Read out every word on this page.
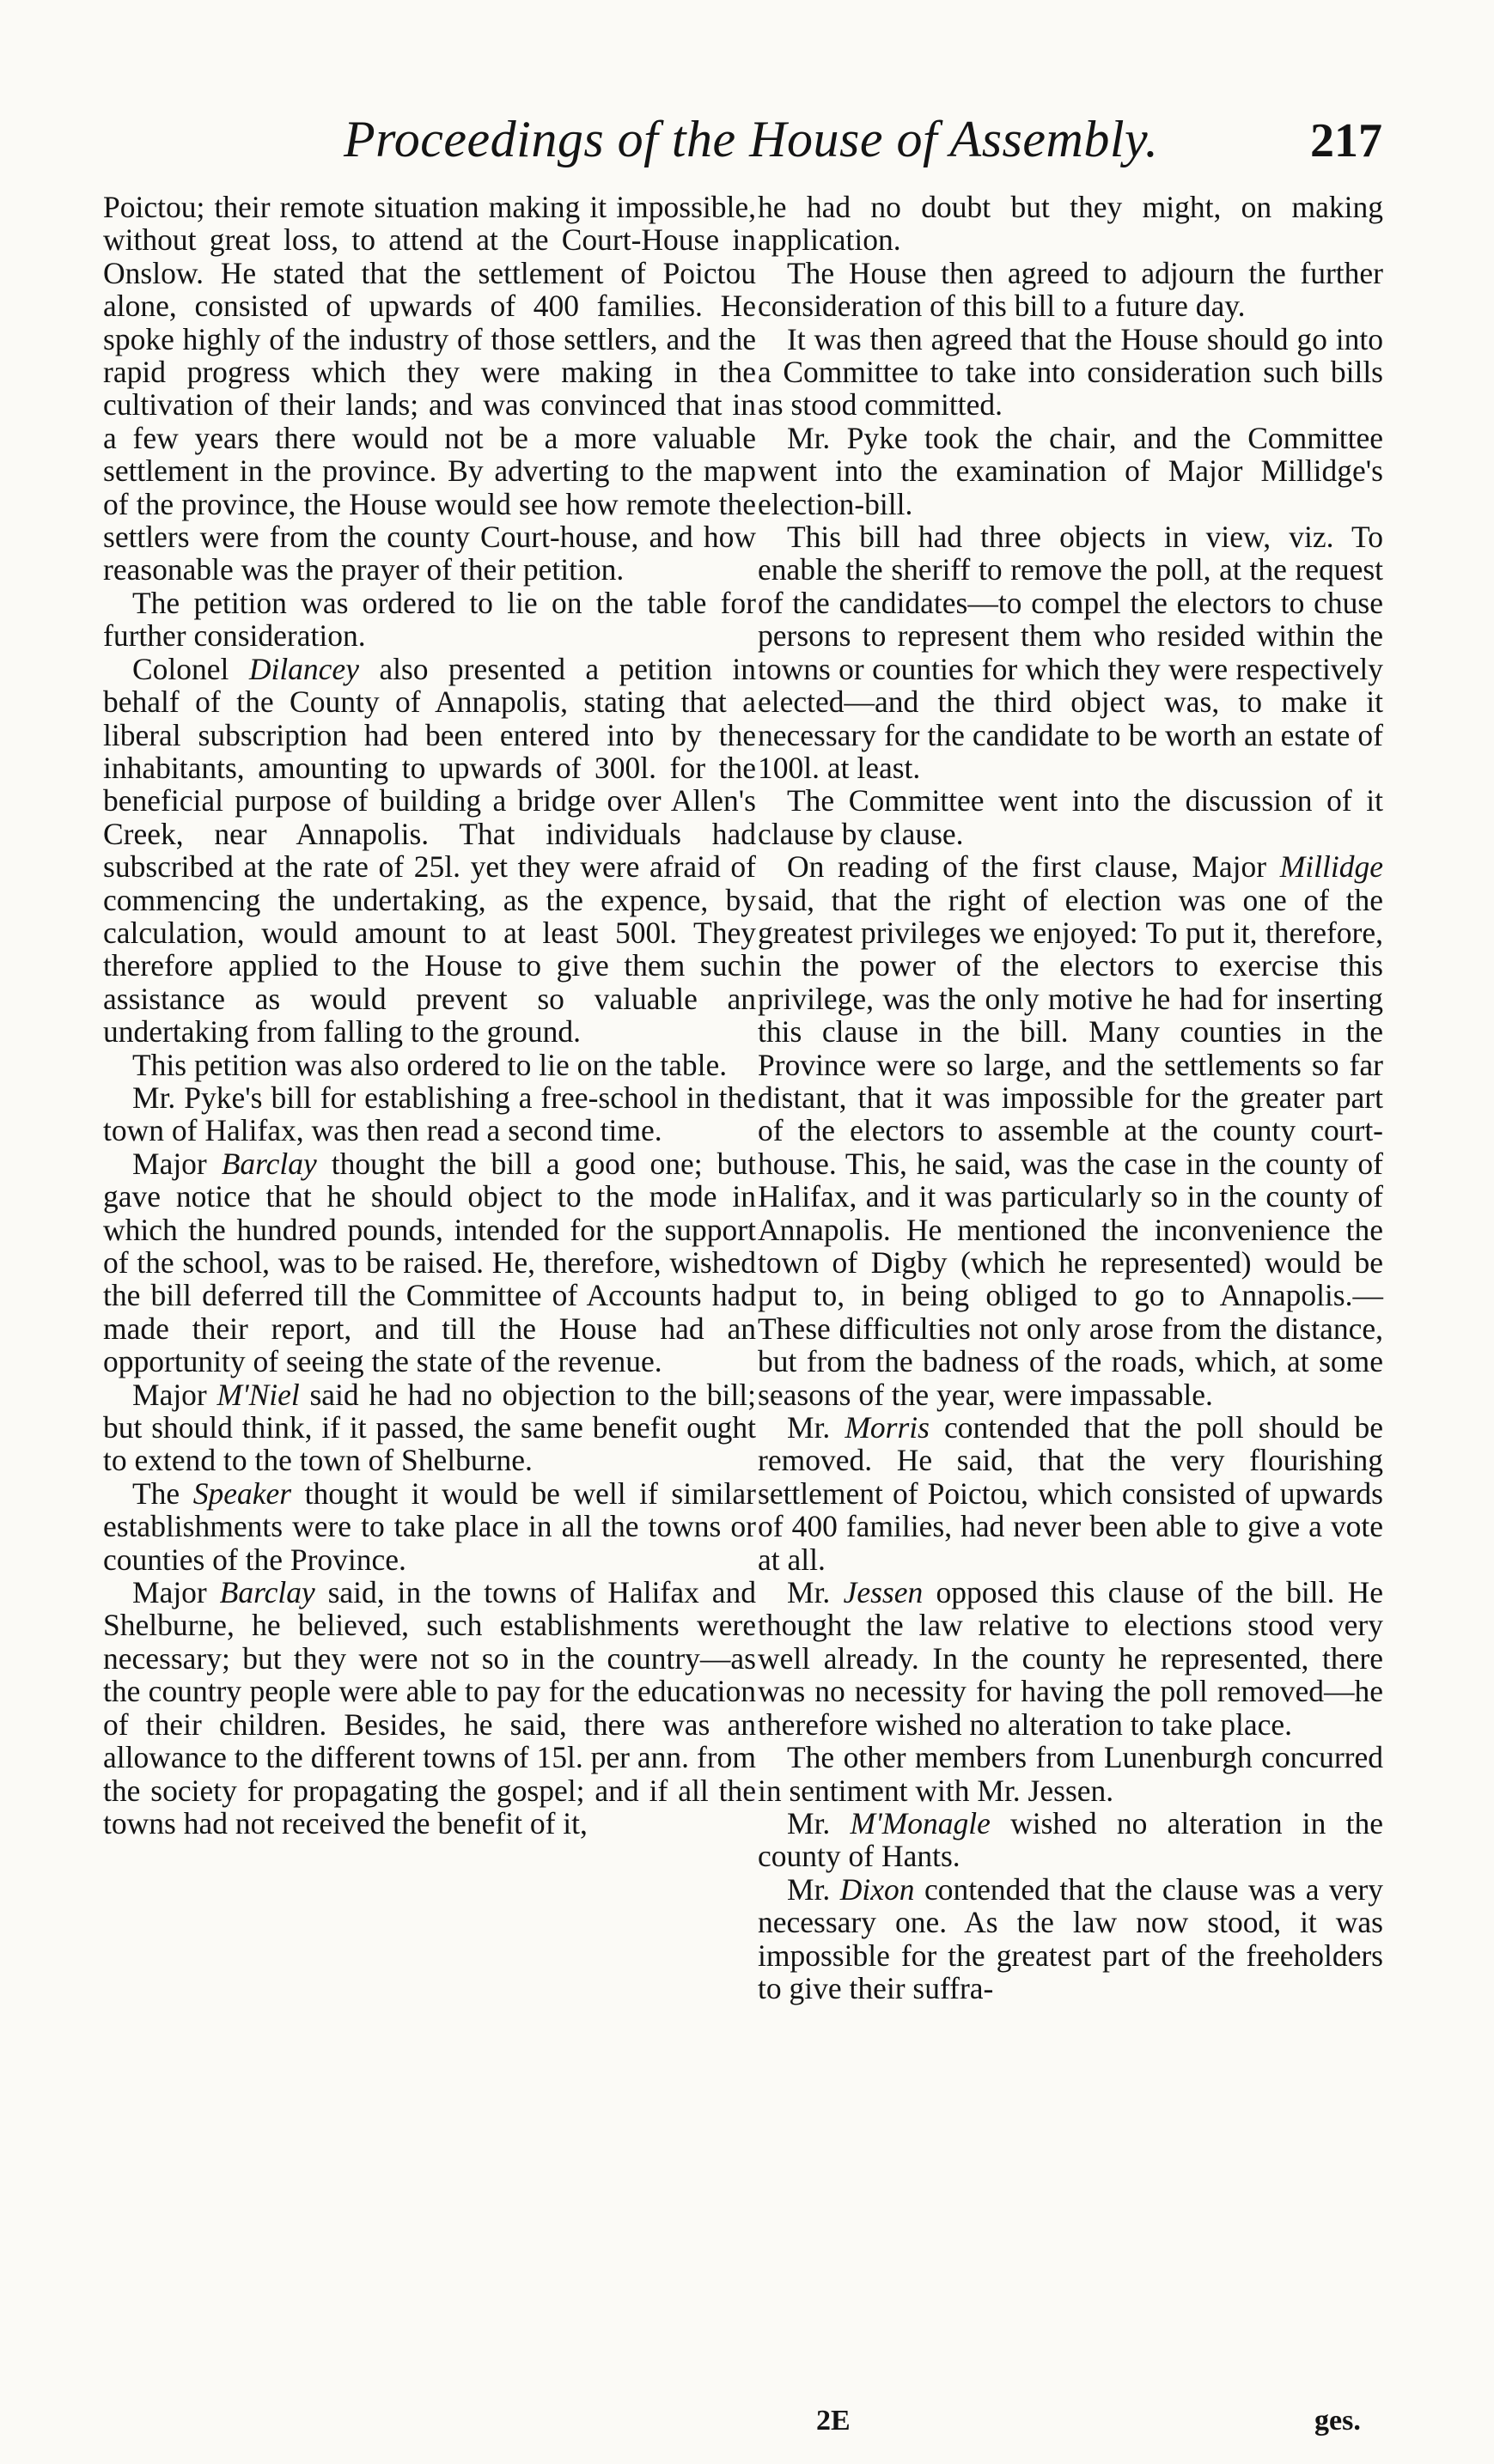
Proceedings of the House of Assembly.	217

Poictou; their remote situation making it impossible, without great loss, to attend at the Court-House in Onslow. He stated that the settlement of Poictou alone, consisted of upwards of 400 families. He spoke highly of the industry of those settlers, and the rapid progress which they were making in the cultivation of their lands; and was convinced that in a few years there would not be a more valuable settlement in the province. By adverting to the map of the province, the House would see how remote the settlers were from the county Court-house, and how reasonable was the prayer of their petition.

The petition was ordered to lie on the table for further consideration.

Colonel Dilancey also presented a petition in behalf of the County of Annapolis, stating that a liberal subscription had been entered into by the inhabitants, amounting to upwards of 300l. for the beneficial purpose of building a bridge over Allen's Creek, near Annapolis. That individuals had subscribed at the rate of 25l. yet they were afraid of commencing the undertaking, as the expence, by calculation, would amount to at least 500l. They therefore applied to the House to give them such assistance as would prevent so valuable an undertaking from falling to the ground.

This petition was also ordered to lie on the table.

Mr. Pyke's bill for establishing a free-school in the town of Halifax, was then read a second time.

Major Barclay thought the bill a good one; but gave notice that he should object to the mode in which the hundred pounds, intended for the support of the school, was to be raised. He, therefore, wished the bill deferred till the Committee of Accounts had made their report, and till the House had an opportunity of seeing the state of the revenue.

Major M'Niel said he had no objection to the bill; but should think, if it passed, the same benefit ought to extend to the town of Shelburne.

The Speaker thought it would be well if similar establishments were to take place in all the towns or counties of the Province.

Major Barclay said, in the towns of Halifax and Shelburne, he believed, such establishments were necessary; but they were not so in the country—as the country people were able to pay for the education of their children. Besides, he said, there was an allowance to the different towns of 15l. per ann. from the society for propagating the gospel; and if all the towns had not received the benefit of it,

he had no doubt but they might, on making application.

The House then agreed to adjourn the further consideration of this bill to a future day.

It was then agreed that the House should go into a Committee to take into consideration such bills as stood committed.

Mr. Pyke took the chair, and the Committee went into the examination of Major Millidge's election-bill.

This bill had three objects in view, viz. To enable the sheriff to remove the poll, at the request of the candidates—to compel the electors to chuse persons to represent them who resided within the towns or counties for which they were respectively elected—and the third object was, to make it necessary for the candidate to be worth an estate of 100l. at least.

The Committee went into the discussion of it clause by clause.

On reading of the first clause, Major Millidge said, that the right of election was one of the greatest privileges we enjoyed: To put it, therefore, in the power of the electors to exercise this privilege, was the only motive he had for inserting this clause in the bill. Many counties in the Province were so large, and the settlements so far distant, that it was impossible for the greater part of the electors to assemble at the county court-house. This, he said, was the case in the county of Halifax, and it was particularly so in the county of Annapolis. He mentioned the inconvenience the town of Digby (which he represented) would be put to, in being obliged to go to Annapolis.—These difficulties not only arose from the distance, but from the badness of the roads, which, at some seasons of the year, were impassable.

Mr. Morris contended that the poll should be removed. He said, that the very flourishing settlement of Poictou, which consisted of upwards of 400 families, had never been able to give a vote at all.

Mr. Jessen opposed this clause of the bill. He thought the law relative to elections stood very well already. In the county he represented, there was no necessity for having the poll removed—he therefore wished no alteration to take place.

The other members from Lunenburgh concurred in sentiment with Mr. Jessen.

Mr. M'Monagle wished no alteration in the county of Hants.

Mr. Dixon contended that the clause was a very necessary one. As the law now stood, it was impossible for the greatest part of the freeholders to give their suffra-

2E	ges.
